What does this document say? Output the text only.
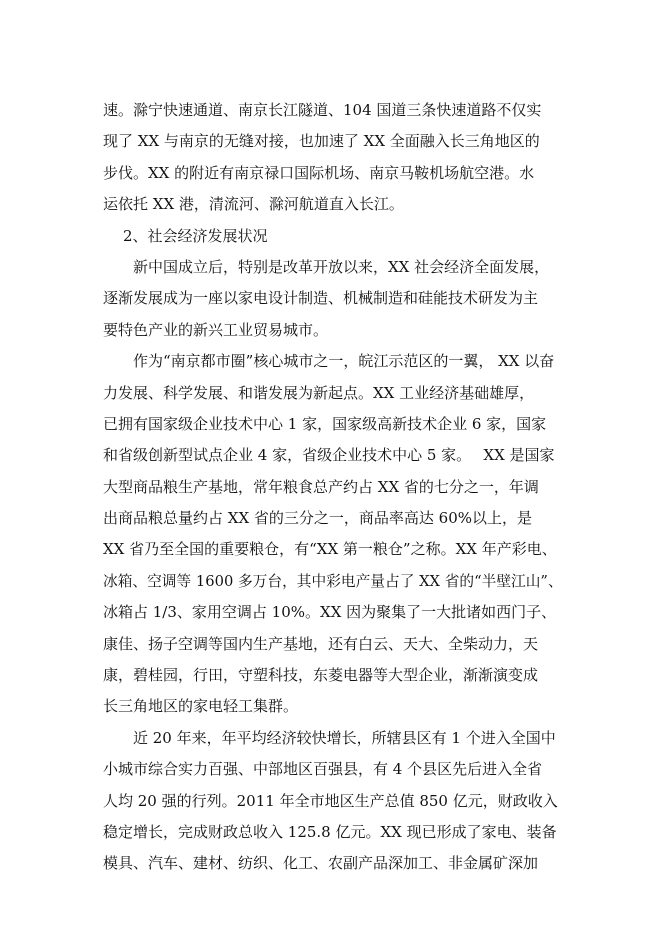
速。滁宁快速通道、南京长江隧道、104 国道三条快速道路不仅实
现了 XX 与南京的无缝对接，也加速了 XX 全面融入长三角地区的
步伐。XX 的附近有南京禄口国际机场、南京马鞍机场航空港。水
运依托 XX 港，清流河、滁河航道直入长江。
2、社会经济发展状况
新中国成立后，特别是改革开放以来，XX 社会经济全面发展，
逐渐发展成为一座以家电设计制造、机械制造和硅能技术研发为主
要特色产业的新兴工业贸易城市。
作为“南京都市圈”核心城市之一，皖江示范区的一翼， XX 以奋
力发展、科学发展、和谐发展为新起点。XX 工业经济基础雄厚，
已拥有国家级企业技术中心 1 家，国家级高新技术企业 6 家，国家
和省级创新型试点企业 4 家，省级企业技术中心 5 家。　 XX 是国家
大型商品粮生产基地，常年粮食总产约占 XX 省的七分之一，年调
出商品粮总量约占 XX 省的三分之一，商品率高达 60%以上，是
XX 省乃至全国的重要粮仓，有“XX 第一粮仓”之称。XX 年产彩电、
冰箱、空调等 1600 多万台，其中彩电产量占了 XX 省的“半壁江山”、
冰箱占 1/3、家用空调占 10%。XX 因为聚集了一大批诸如西门子、
康佳、扬子空调等国内生产基地，还有白云、天大、全柴动力，天
康，碧桂园，行田，守塑科技，东菱电器等大型企业，渐渐演变成
长三角地区的家电轻工集群。
近 20 年来，年平均经济较快增长，所辖县区有 1 个进入全国中
小城市综合实力百强、中部地区百强县，有 4 个县区先后进入全省
人均 20 强的行列。2011 年全市地区生产总值 850 亿元，财政收入
稳定增长，完成财政总收入 125.8 亿元。XX 现已形成了家电、装备
模具、汽车、建材、纺织、化工、农副产品深加工、非金属矿深加
